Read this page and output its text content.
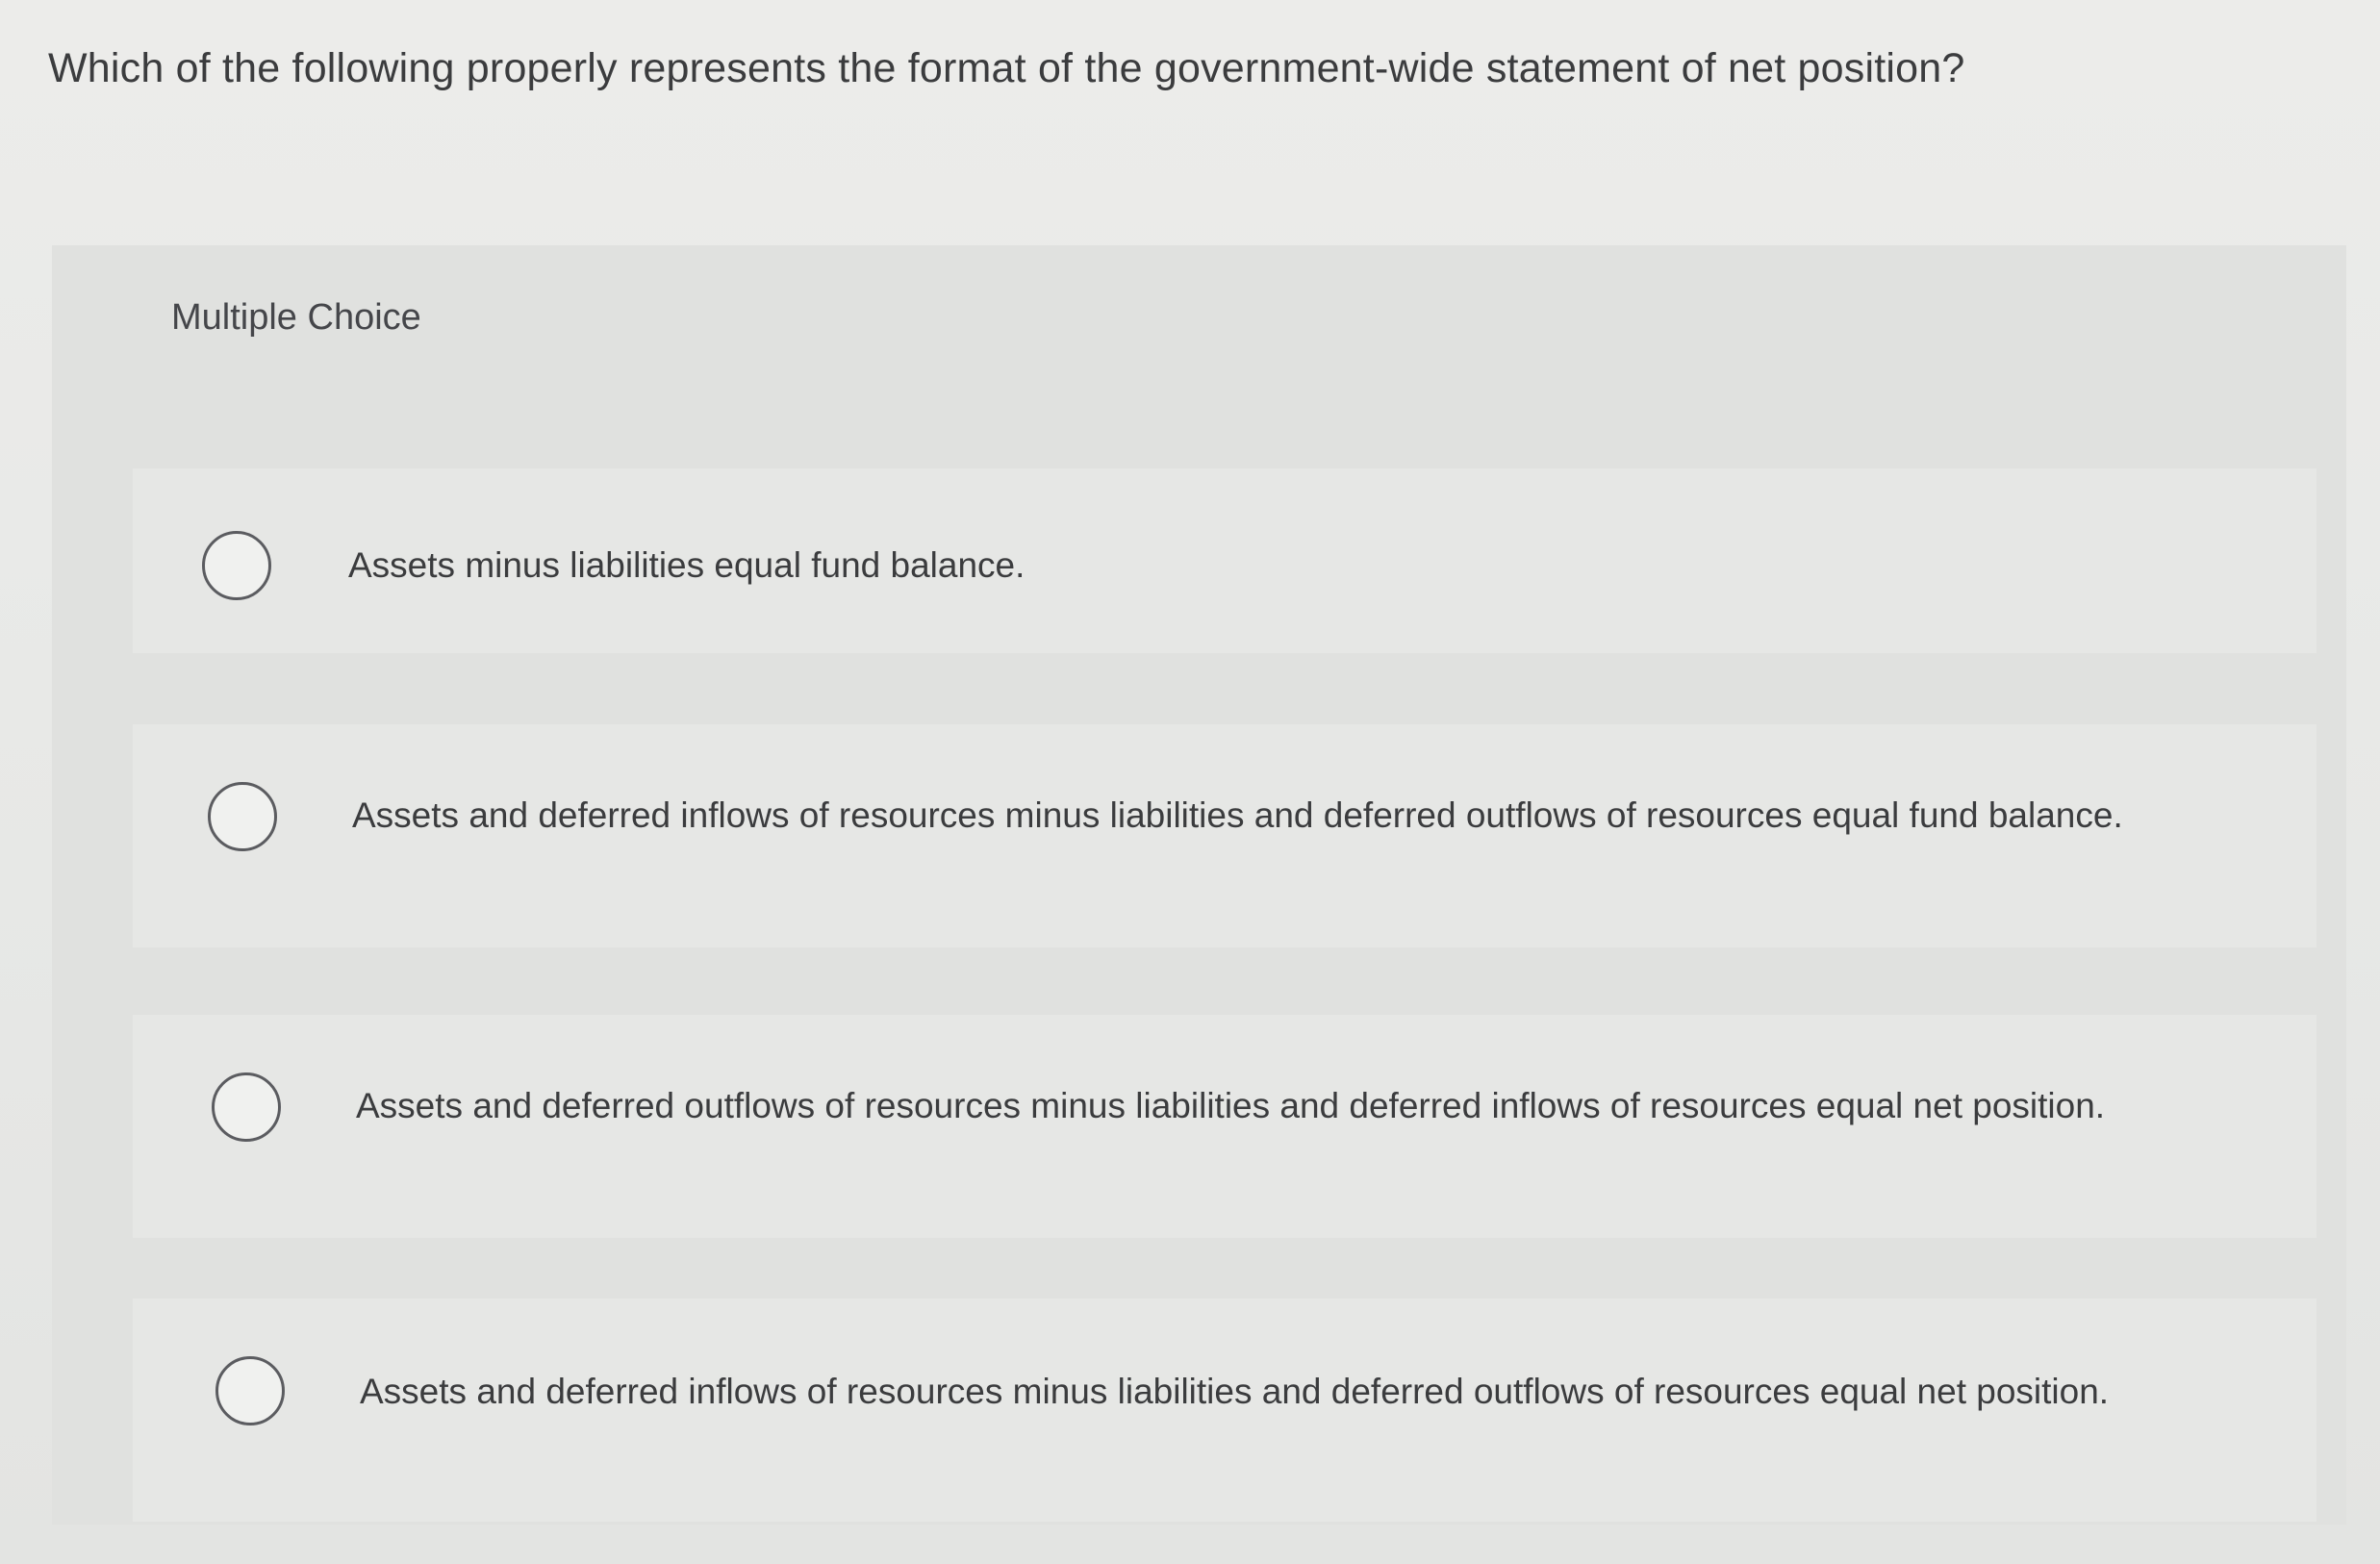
Which of the following properly represents the format of the government-wide statement of net position?
Multiple Choice
Assets minus liabilities equal fund balance.
Assets and deferred inflows of resources minus liabilities and deferred outflows of resources equal fund balance.
Assets and deferred outflows of resources minus liabilities and deferred inflows of resources equal net position.
Assets and deferred inflows of resources minus liabilities and deferred outflows of resources equal net position.
